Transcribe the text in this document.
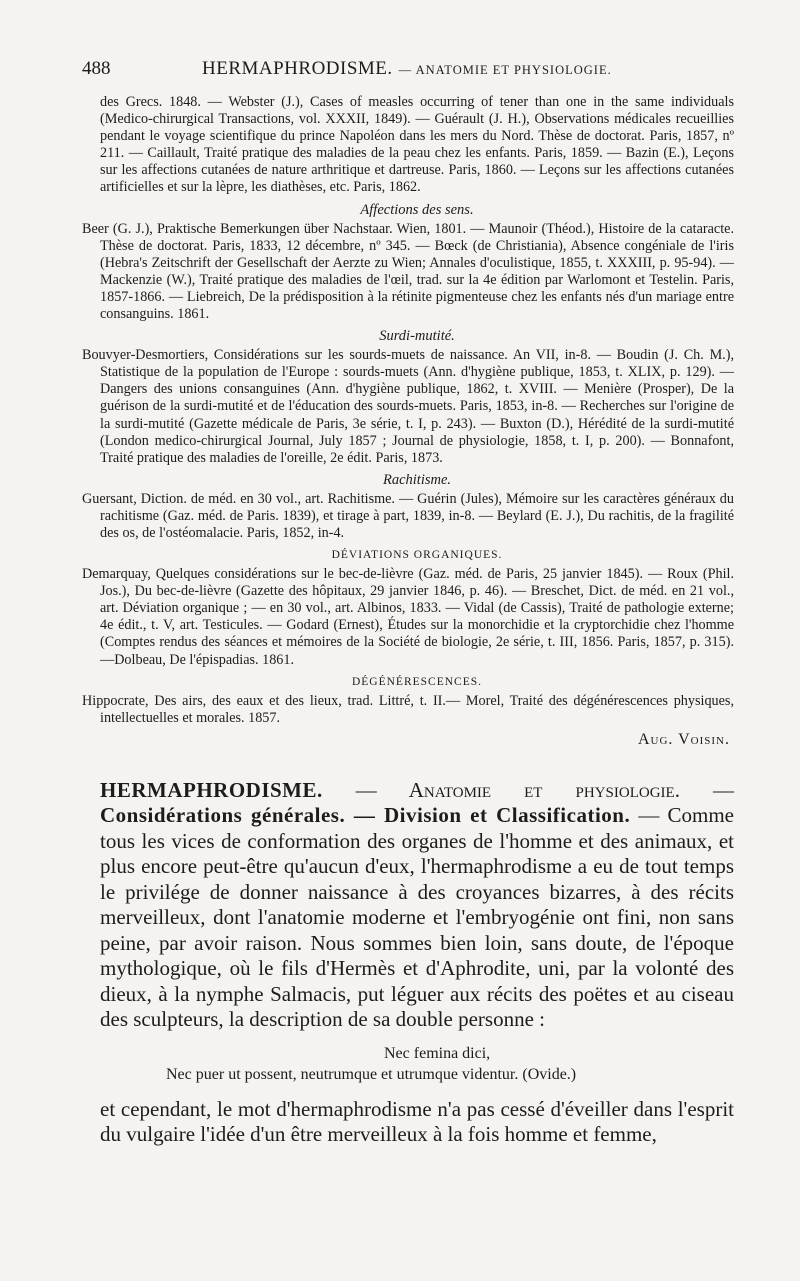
488	HERMAPHRODISME. — ANATOMIE ET PHYSIOLOGIE.

des Grecs. 1848. — Webster (J.), Cases of measles occurring of tener than one in the same individuals (Medico-chirurgical Transactions, vol. XXXII, 1849). — Guérault (J. H.), Observations médicales recueillies pendant le voyage scientifique du prince Napoléon dans les mers du Nord. Thèse de doctorat. Paris, 1857, nº 211. — Caillault, Traité pratique des maladies de la peau chez les enfants. Paris, 1859. — Bazin (E.), Leçons sur les affections cutanées de nature arthritique et dartreuse. Paris, 1860. — Leçons sur les affections cutanées artificielles et sur la lèpre, les diathèses, etc. Paris, 1862.

Affections des sens.

Beer (G. J.), Praktische Bemerkungen über Nachstaar. Wien, 1801. — Maunoir (Théod.), Histoire de la cataracte. Thèse de doctorat. Paris, 1833, 12 décembre, nº 345. — Bœck (de Christiania), Absence congéniale de l'iris (Hebra's Zeitschrift der Gesellschaft der Aerzte zu Wien; Annales d'oculistique, 1855, t. XXXIII, p. 95-94). — Mackenzie (W.), Traité pratique des maladies de l'œil, trad. sur la 4e édition par Warlomont et Testelin. Paris, 1857-1866. — Liebreich, De la prédisposition à la rétinite pigmenteuse chez les enfants nés d'un mariage entre consanguins. 1861.

Surdi-mutité.

Bouvyer-Desmortiers, Considérations sur les sourds-muets de naissance. An VII, in-8. — Boudin (J. Ch. M.), Statistique de la population de l'Europe : sourds-muets (Ann. d'hygiène publique, 1853, t. XLIX, p. 129). — Dangers des unions consanguines (Ann. d'hygiène publique, 1862, t. XVIII. — Menière (Prosper), De la guérison de la surdi-mutité et de l'éducation des sourds-muets. Paris, 1853, in-8. — Recherches sur l'origine de la surdi-mutité (Gazette médicale de Paris, 3e série, t. I, p. 243). — Buxton (D.), Hérédité de la surdi-mutité (London medico-chirurgical Journal, July 1857 ; Journal de physiologie, 1858, t. I, p. 200). — Bonnafont, Traité pratique des maladies de l'oreille, 2e édit. Paris, 1873.

Rachitisme.

Guersant, Diction. de méd. en 30 vol., art. Rachitisme. — Guérin (Jules), Mémoire sur les caractères généraux du rachitisme (Gaz. méd. de Paris. 1839), et tirage à part, 1839, in-8. — Beylard (E. J.), Du rachitis, de la fragilité des os, de l'ostéomalacie. Paris, 1852, in-4.

DÉVIATIONS ORGANIQUES.

Demarquay, Quelques considérations sur le bec-de-lièvre (Gaz. méd. de Paris, 25 janvier 1845). — Roux (Phil. Jos.), Du bec-de-lièvre (Gazette des hôpitaux, 29 janvier 1846, p. 46). — Breschet, Dict. de méd. en 21 vol., art. Déviation organique ; — en 30 vol., art. Albinos, 1833. — Vidal (de Cassis), Traité de pathologie externe; 4e édit., t. V, art. Testicules. — Godard (Ernest), Études sur la monorchidie et la cryptorchidie chez l'homme (Comptes rendus des séances et mémoires de la Société de biologie, 2e série, t. III, 1856. Paris, 1857, p. 315). —Dolbeau, De l'épispadias. 1861.

DÉGÉNÉRESCENCES.

Hippocrate, Des airs, des eaux et des lieux, trad. Littré, t. II.— Morel, Traité des dégénérescences physiques, intellectuelles et morales. 1857.

Aug. Voisin.

HERMAPHRODISME. — Anatomie et physiologie. — Considérations générales. — Division et Classification. — Comme tous les vices de conformation des organes de l'homme et des animaux, et plus encore peut-être qu'aucun d'eux, l'hermaphrodisme a eu de tout temps le privilége de donner naissance à des croyances bizarres, à des récits merveilleux, dont l'anatomie moderne et l'embryogénie ont fini, non sans peine, par avoir raison. Nous sommes bien loin, sans doute, de l'époque mythologique, où le fils d'Hermès et d'Aphrodite, uni, par la volonté des dieux, à la nymphe Salmacis, put léguer aux récits des poëtes et au ciseau des sculpteurs, la description de sa double personne :

Nec femina dici,
Nec puer ut possent, neutrumque et utrumque videntur. (Ovide.)

et cependant, le mot d'hermaphrodisme n'a pas cessé d'éveiller dans l'esprit du vulgaire l'idée d'un être merveilleux à la fois homme et femme,
